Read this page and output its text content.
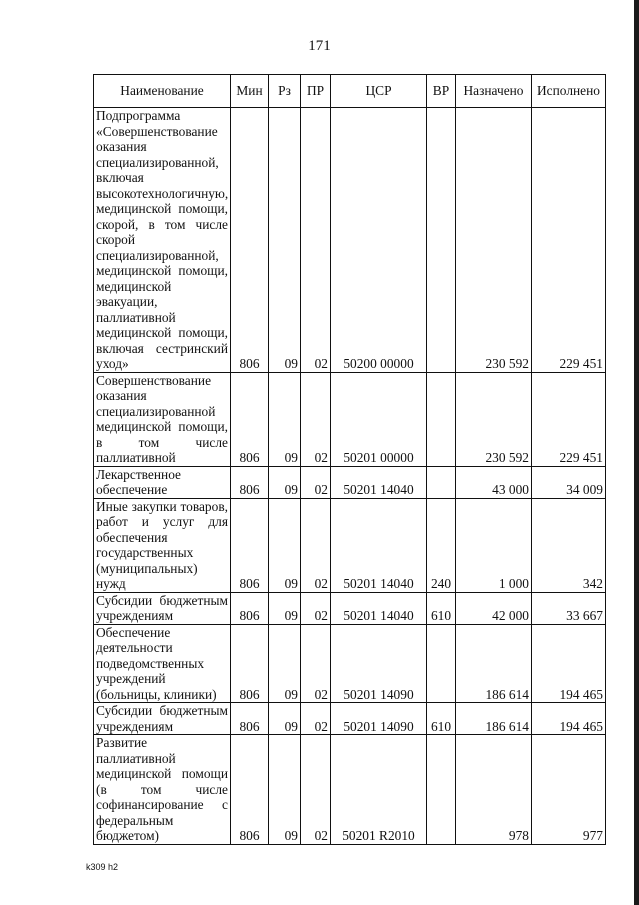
171
Наименование	Мин	Рз	ПР	ЦСР	ВР	Назначено	Исполнено

Подпрограмма «Совершенствование оказания специализированной, включая высокотехнологичную, медицинской помощи, скорой, в том числе скорой специализированной, медицинской помощи, медицинской эвакуации, паллиативной медицинской помощи, включая сестринский уход»	806	09	02	50200 00000		230 592	229 451

Совершенствование оказания специализированной медицинской помощи, в том числе паллиативной	806	09	02	50201 00000		230 592	229 451

Лекарственное обеспечение	806	09	02	50201 14040		43 000	34 009

Иные закупки товаров, работ и услуг для обеспечения государственных (муниципальных) нужд	806	09	02	50201 14040	240	1 000	342

Субсидии бюджетным учреждениям	806	09	02	50201 14040	610	42 000	33 667

Обеспечение деятельности подведомственных учреждений (больницы, клиники)	806	09	02	50201 14090		186 614	194 465

Субсидии бюджетным учреждениям	806	09	02	50201 14090	610	186 614	194 465

Развитие паллиативной медицинской помощи (в том числе софинансирование с федеральным бюджетом)	806	09	02	50201 R2010		978	977
k309 h2
